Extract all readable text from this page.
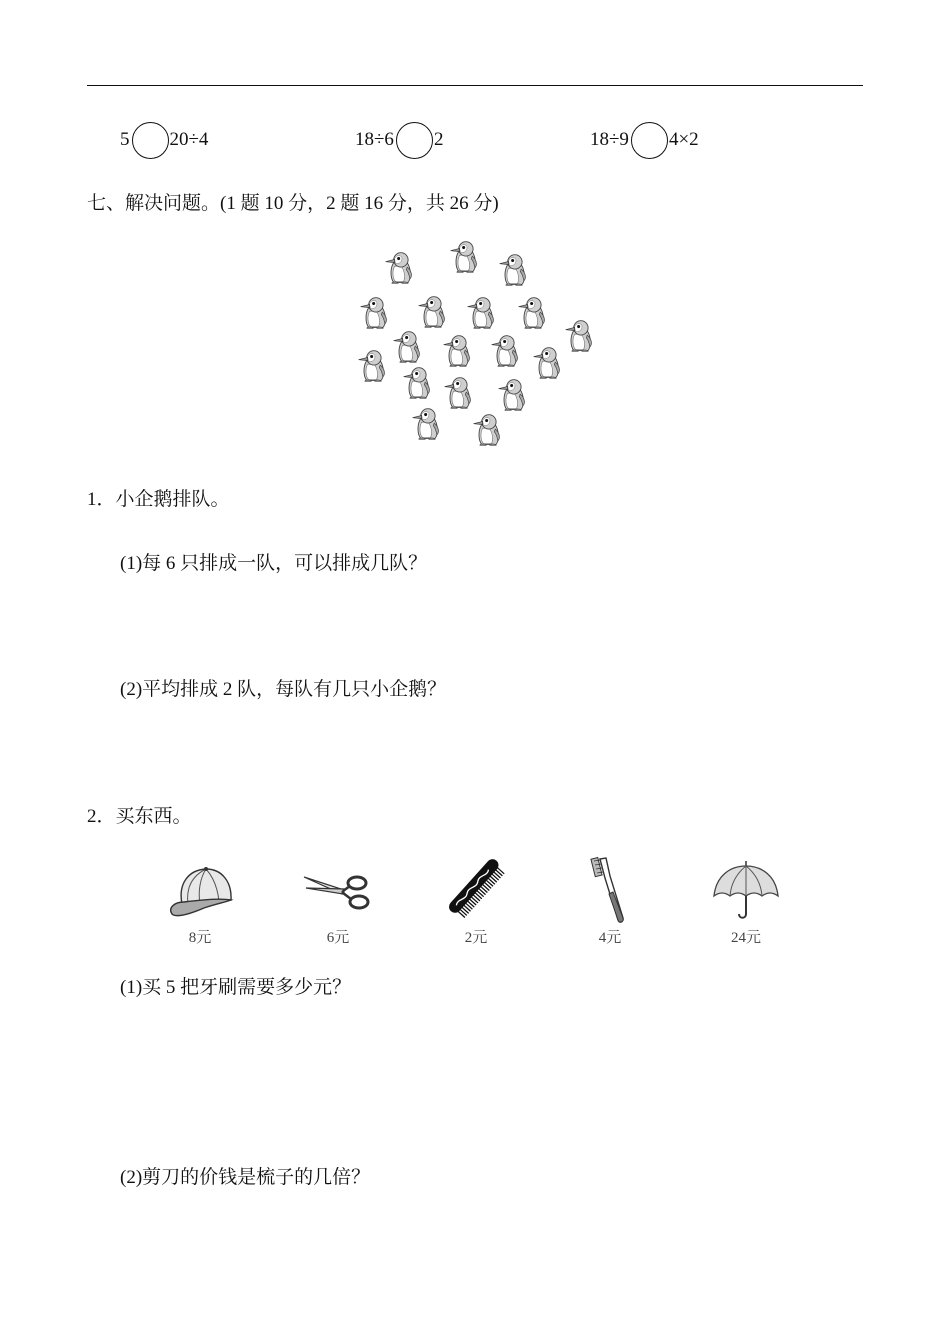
5 20÷4	18÷6 2	18÷9 4×2
七、解决问题。(1 题 10 分，2 题 16 分，共 26 分)
1．小企鹅排队。
(1)每 6 只排成一队，可以排成几队？
(2)平均排成 2 队，每队有几只小企鹅？
2．买东西。
8元	6元	2元	4元	24元
(1)买 5 把牙刷需要多少元？
(2)剪刀的价钱是梳子的几倍？
